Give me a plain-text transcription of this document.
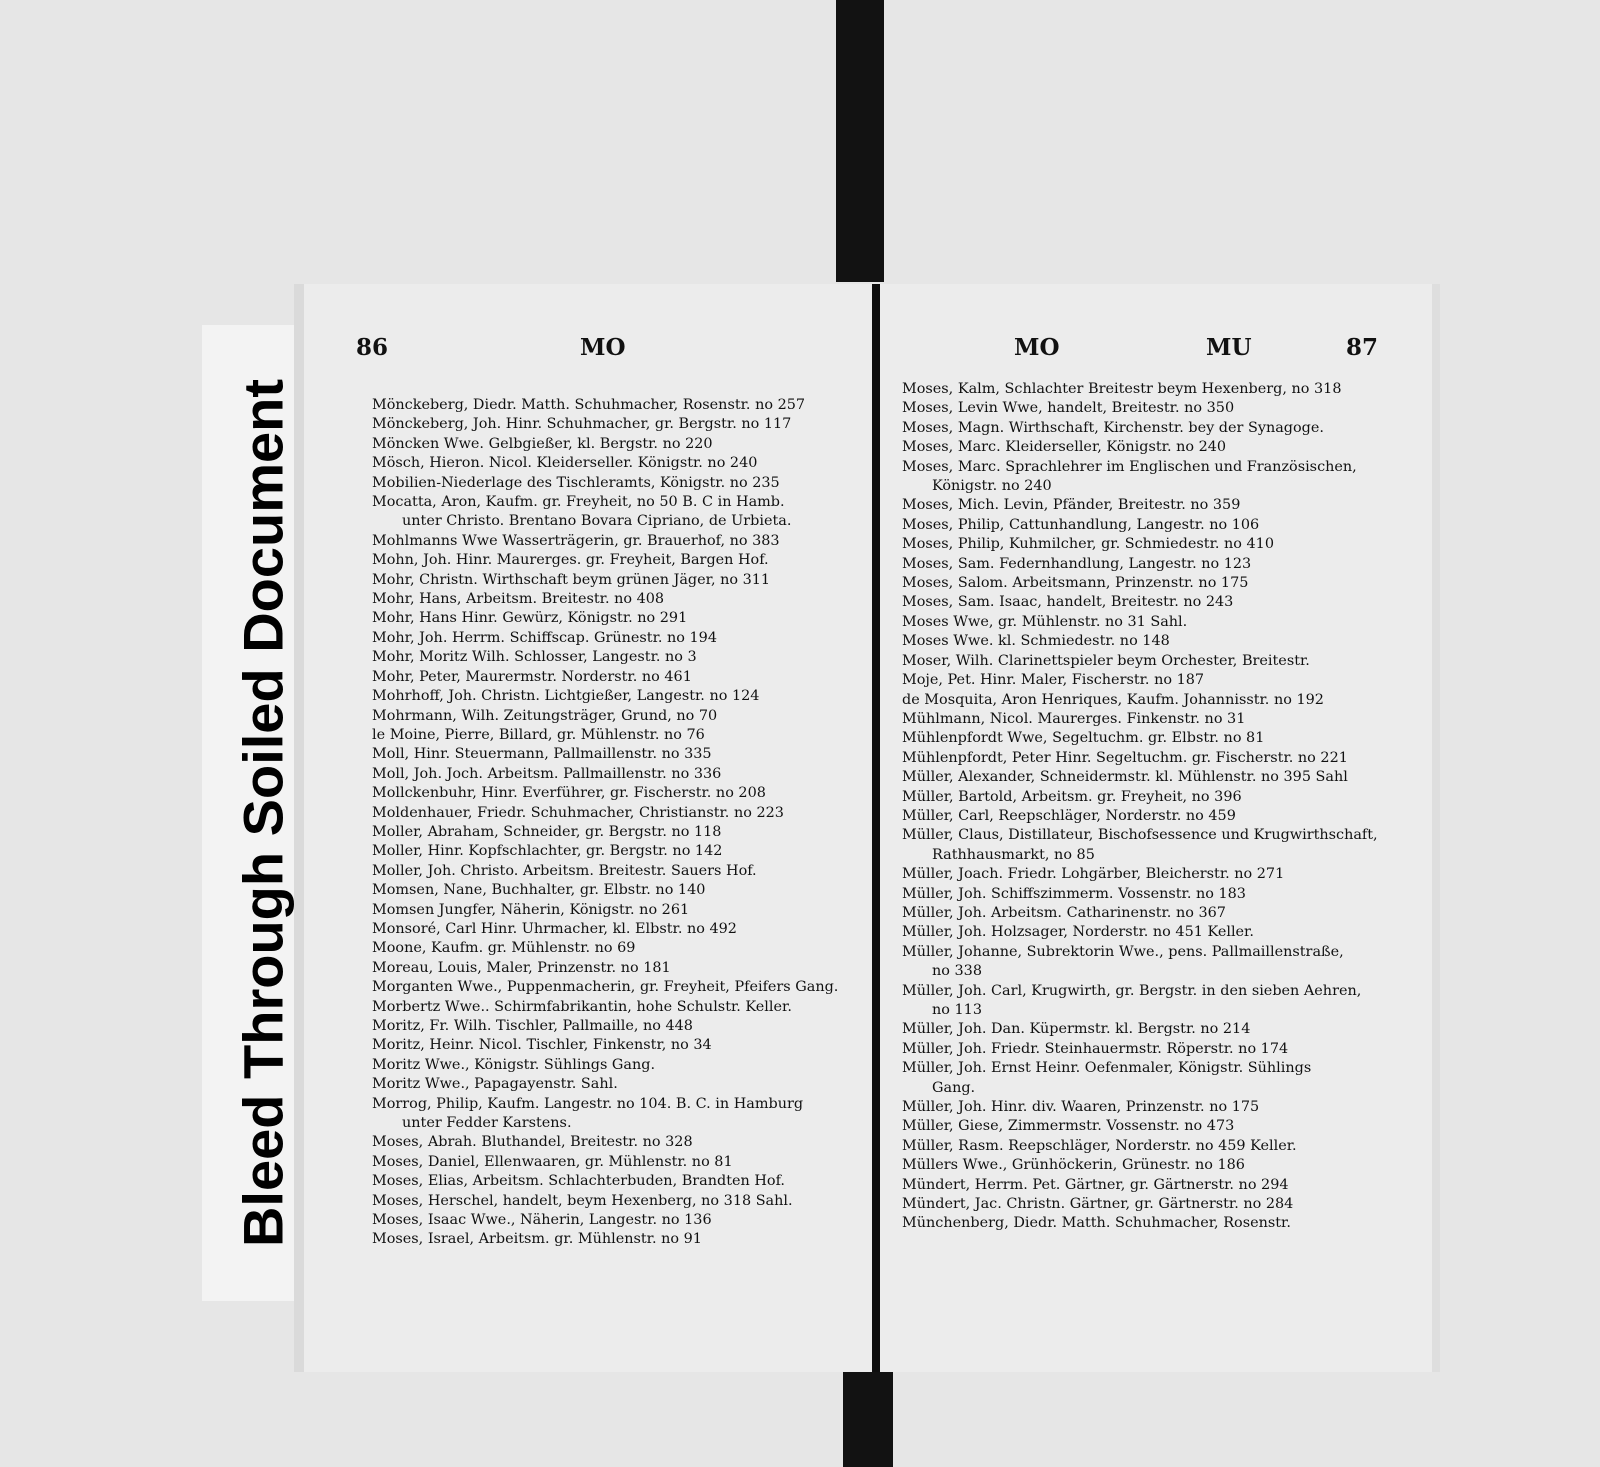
Bleed Through Soiled Document
86	MO
Mönckeberg, Diedr. Matth. Schuhmacher, Rosenstr. no 257
Mönckeberg, Joh. Hinr. Schuhmacher, gr. Bergstr. no 117
Möncken Wwe. Gelbgießer, kl. Bergstr. no 220
Mösch, Hieron. Nicol. Kleiderseller. Königstr. no 240
Mobilien-Niederlage des Tischleramts, Königstr. no 235
Mocatta, Aron, Kaufm. gr. Freyheit, no 50 B. C in Hamb.
unter Christo. Brentano Bovara Cipriano, de Urbieta.
Mohlmanns Wwe Wasserträgerin, gr. Brauerhof, no 383
Mohn, Joh. Hinr. Maurerges. gr. Freyheit, Bargen Hof.
Mohr, Christn. Wirthschaft beym grünen Jäger, no 311
Mohr, Hans, Arbeitsm. Breitestr. no 408
Mohr, Hans Hinr. Gewürz, Königstr. no 291
Mohr, Joh. Herrm. Schiffscap. Grünestr. no 194
Mohr, Moritz Wilh. Schlosser, Langestr. no 3
Mohr, Peter, Maurermstr. Norderstr. no 461
Mohrhoff, Joh. Christn. Lichtgießer, Langestr. no 124
Mohrmann, Wilh. Zeitungsträger, Grund, no 70
le Moine, Pierre, Billard, gr. Mühlenstr. no 76
Moll, Hinr. Steuermann, Pallmaillenstr. no 335
Moll, Joh. Joch. Arbeitsm. Pallmaillenstr. no 336
Mollckenbuhr, Hinr. Everführer, gr. Fischerstr. no 208
Moldenhauer, Friedr. Schuhmacher, Christianstr. no 223
Moller, Abraham, Schneider, gr. Bergstr. no 118
Moller, Hinr. Kopfschlachter, gr. Bergstr. no 142
Moller, Joh. Christo. Arbeitsm. Breitestr. Sauers Hof.
Momsen, Nane, Buchhalter, gr. Elbstr. no 140
Momsen Jungfer, Näherin, Königstr. no 261
Monsoré, Carl Hinr. Uhrmacher, kl. Elbstr. no 492
Moone, Kaufm. gr. Mühlenstr. no 69
Moreau, Louis, Maler, Prinzenstr. no 181
Morganten Wwe., Puppenmacherin, gr. Freyheit, Pfeifers Gang.
Morbertz Wwe.. Schirmfabrikantin, hohe Schulstr. Keller.
Moritz, Fr. Wilh. Tischler, Pallmaille, no 448
Moritz, Heinr. Nicol. Tischler, Finkenstr, no 34
Moritz Wwe., Königstr. Sühlings Gang.
Moritz Wwe., Papagayenstr. Sahl.
Morrog, Philip, Kaufm. Langestr. no 104. B. C. in Hamburg
unter Fedder Karstens.
Moses, Abrah. Bluthandel, Breitestr. no 328
Moses, Daniel, Ellenwaaren, gr. Mühlenstr. no 81
Moses, Elias, Arbeitsm. Schlachterbuden, Brandten Hof.
Moses, Herschel, handelt, beym Hexenberg, no 318 Sahl.
Moses, Isaac Wwe., Näherin, Langestr. no 136
Moses, Israel, Arbeitsm. gr. Mühlenstr. no 91
MO	MU	87
Moses, Kalm, Schlachter Breitestr beym Hexenberg, no 318
Moses, Levin Wwe, handelt, Breitestr. no 350
Moses, Magn. Wirthschaft, Kirchenstr. bey der Synagoge.
Moses, Marc. Kleiderseller, Königstr. no 240
Moses, Marc. Sprachlehrer im Englischen und Französischen,
Königstr. no 240
Moses, Mich. Levin, Pfänder, Breitestr. no 359
Moses, Philip, Cattunhandlung, Langestr. no 106
Moses, Philip, Kuhmilcher, gr. Schmiedestr. no 410
Moses, Sam. Federnhandlung, Langestr. no 123
Moses, Salom. Arbeitsmann, Prinzenstr. no 175
Moses, Sam. Isaac, handelt, Breitestr. no 243
Moses Wwe, gr. Mühlenstr. no 31 Sahl.
Moses Wwe. kl. Schmiedestr. no 148
Moser, Wilh. Clarinettspieler beym Orchester, Breitestr.
Moje, Pet. Hinr. Maler, Fischerstr. no 187
de Mosquita, Aron Henriques, Kaufm. Johannisstr. no 192
Mühlmann, Nicol. Maurerges. Finkenstr. no 31
Mühlenpfordt Wwe, Segeltuchm. gr. Elbstr. no 81
Mühlenpfordt, Peter Hinr. Segeltuchm. gr. Fischerstr. no 221
Müller, Alexander, Schneidermstr. kl. Mühlenstr. no 395 Sahl
Müller, Bartold, Arbeitsm. gr. Freyheit, no 396
Müller, Carl, Reepschläger, Norderstr. no 459
Müller, Claus, Distillateur, Bischofsessence und Krugwirthschaft,
Rathhausmarkt, no 85
Müller, Joach. Friedr. Lohgärber, Bleicherstr. no 271
Müller, Joh. Schiffszimmerm. Vossenstr. no 183
Müller, Joh. Arbeitsm. Catharinenstr. no 367
Müller, Joh. Holzsager, Norderstr. no 451 Keller.
Müller, Johanne, Subrektorin Wwe., pens. Pallmaillenstraße,
no 338
Müller, Joh. Carl, Krugwirth, gr. Bergstr. in den sieben Aehren,
no 113
Müller, Joh. Dan. Küpermstr. kl. Bergstr. no 214
Müller, Joh. Friedr. Steinhauermstr. Röperstr. no 174
Müller, Joh. Ernst Heinr. Oefenmaler, Königstr. Sühlings
Gang.
Müller, Joh. Hinr. div. Waaren, Prinzenstr. no 175
Müller, Giese, Zimmermstr. Vossenstr. no 473
Müller, Rasm. Reepschläger, Norderstr. no 459 Keller.
Müllers Wwe., Grünhöckerin, Grünestr. no 186
Mündert, Herrm. Pet. Gärtner, gr. Gärtnerstr. no 294
Mündert, Jac. Christn. Gärtner, gr. Gärtnerstr. no 284
Münchenberg, Diedr. Matth. Schuhmacher, Rosenstr.
